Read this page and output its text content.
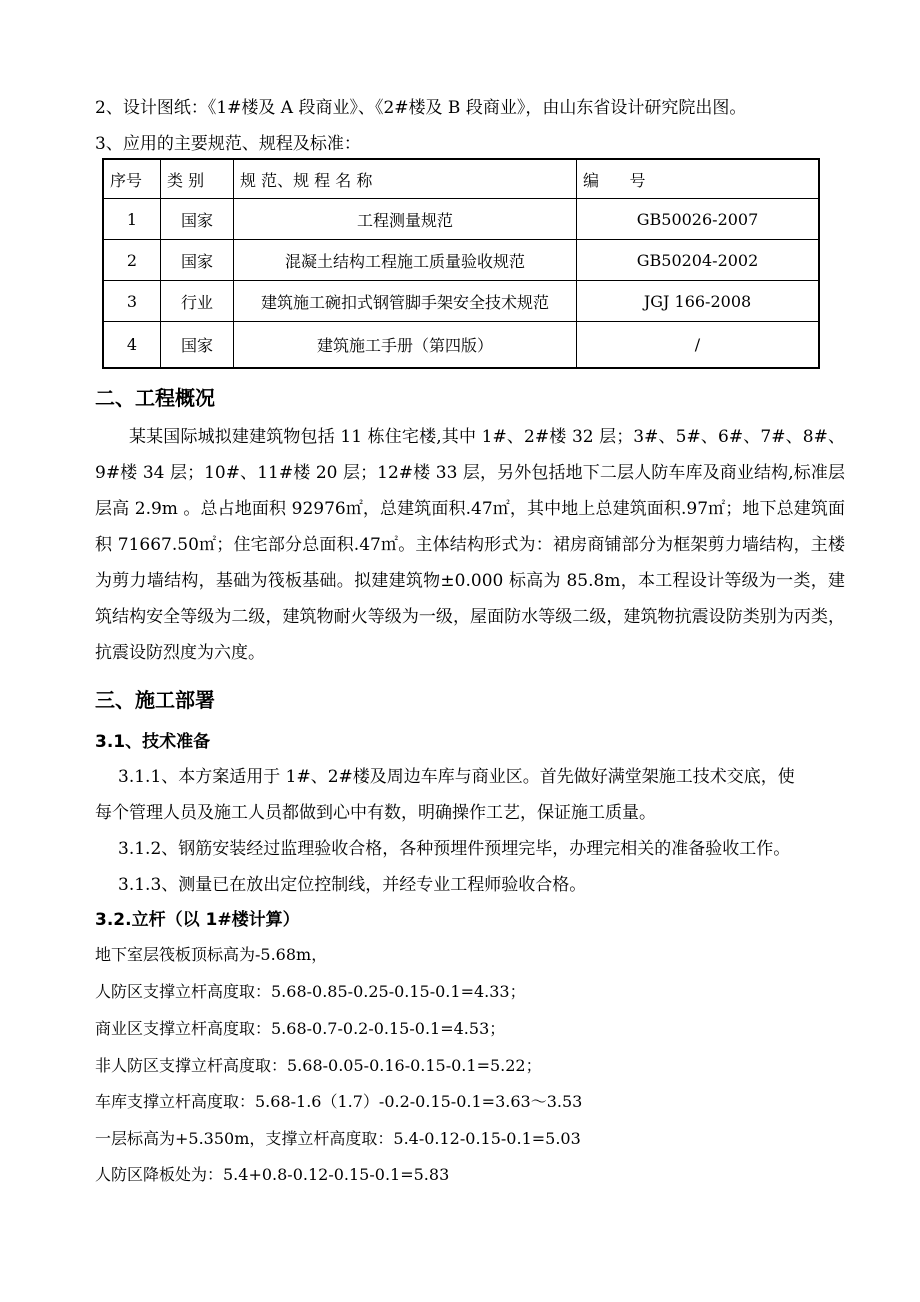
2、设计图纸：《1#楼及 A 段商业》、《2#楼及 B 段商业》，由山东省设计研究院出图。
3、应用的主要规范、规程及标准：
序号	类 别	规 范、规 程 名 称	编      号
1	国家	工程测量规范	GB50026-2007
2	国家	混凝土结构工程施工质量验收规范	GB50204-2002
3	行业	建筑施工碗扣式钢管脚手架安全技术规范	JGJ 166-2008
4	国家	建筑施工手册（第四版）	/
二、工程概况
某某国际城拟建建筑物包括 11 栋住宅楼,其中 1#、2#楼 32 层；3#、5#、6#、7#、8#、9#楼 34 层；10#、11#楼 20 层；12#楼 33 层，另外包括地下二层人防车库及商业结构,标准层层高 2.9m 。总占地面积 92976㎡，总建筑面积.47㎡，其中地上总建筑面积.97㎡；地下总建筑面积 71667.50㎡；住宅部分总面积.47㎡。主体结构形式为：裙房商铺部分为框架剪力墙结构，主楼为剪力墙结构，基础为筏板基础。拟建建筑物±0.000 标高为 85.8m，本工程设计等级为一类，建筑结构安全等级为二级，建筑物耐火等级为一级，屋面防水等级二级，建筑物抗震设防类别为丙类，抗震设防烈度为六度。
三、施工部署
3.1、技术准备
3.1.1、本方案适用于 1#、2#楼及周边车库与商业区。首先做好满堂架施工技术交底，使
每个管理人员及施工人员都做到心中有数，明确操作工艺，保证施工质量。
3.1.2、钢筋安装经过监理验收合格，各种预埋件预埋完毕，办理完相关的准备验收工作。
3.1.3、测量已在放出定位控制线，并经专业工程师验收合格。
3.2.立杆（以 1#楼计算）
地下室层筏板顶标高为-5.68m，
人防区支撑立杆高度取：5.68-0.85-0.25-0.15-0.1=4.33；
商业区支撑立杆高度取：5.68-0.7-0.2-0.15-0.1=4.53；
非人防区支撑立杆高度取：5.68-0.05-0.16-0.15-0.1=5.22；
车库支撑立杆高度取：5.68-1.6（1.7）-0.2-0.15-0.1=3.63～3.53
一层标高为+5.350m，支撑立杆高度取：5.4-0.12-0.15-0.1=5.03
人防区降板处为：5.4+0.8-0.12-0.15-0.1=5.83
